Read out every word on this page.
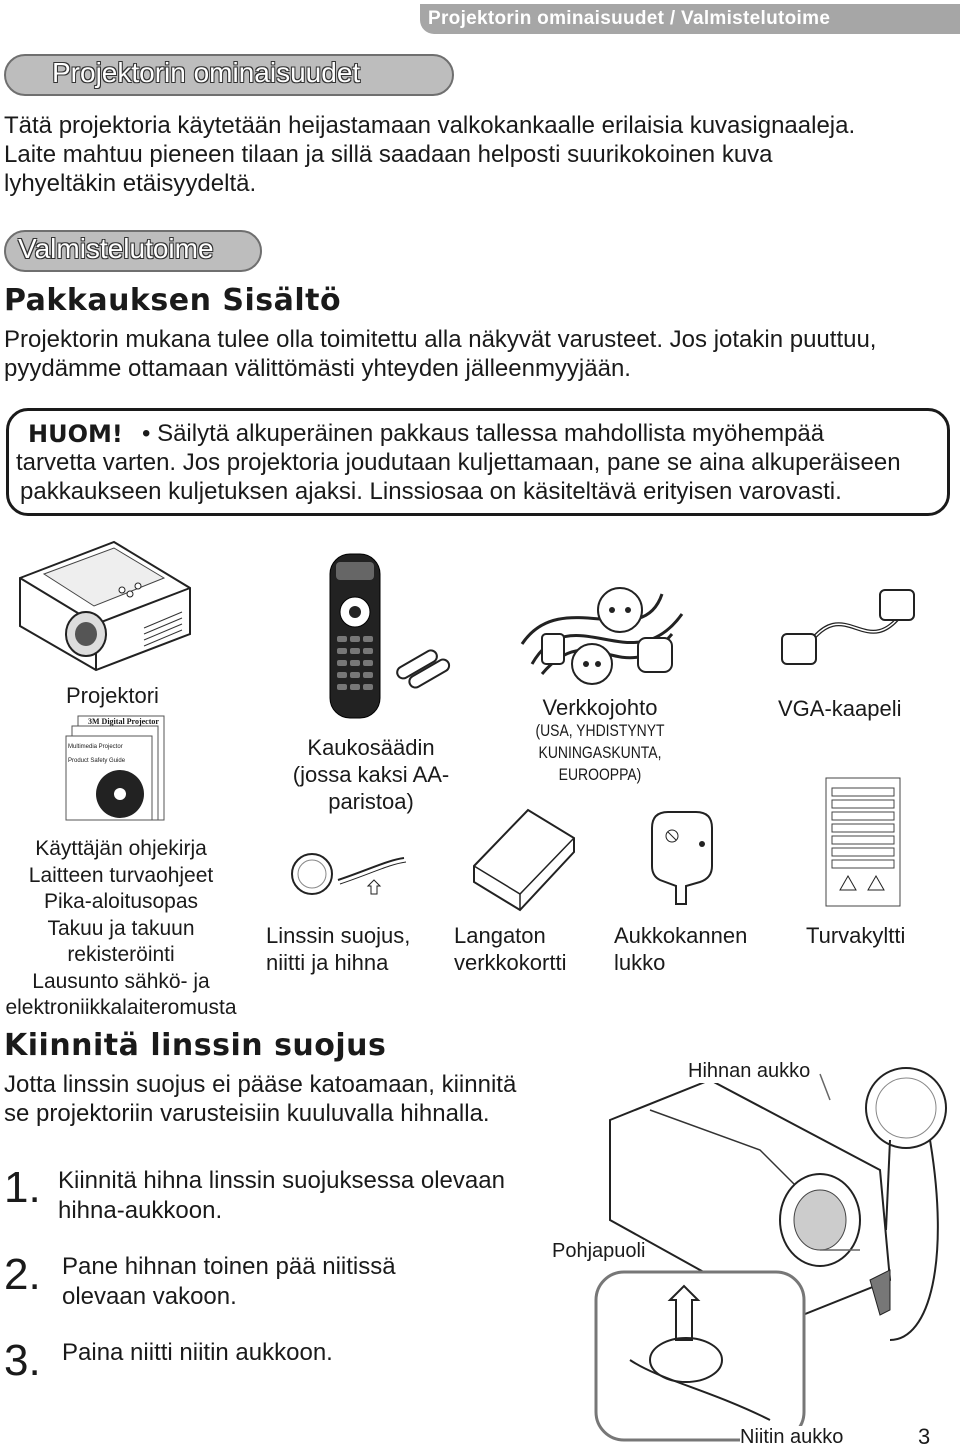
Projektorin ominaisuudet / Valmistelutoime
Projektorin ominaisuudet
Tätä projektoria käytetään heijastamaan valkokankaalle erilaisia kuvasignaaleja.
Laite mahtuu pieneen tilaan ja sillä saadaan helposti suurikokoinen kuva
lyhyeltäkin etäisyydeltä.
Valmistelutoime
Pakkauksen Sisältö
Projektorin mukana tulee olla toimitettu alla näkyvät varusteet. Jos jotakin puuttuu,
pyydämme ottamaan välittömästi yhteyden jälleenmyyjään.
HUOM! • Säilytä alkuperäinen pakkaus tallessa mahdollista myöhempää
tarvetta varten. Jos projektoria joudutaan kuljettamaan, pane se aina alkuperäiseen
pakkaukseen kuljetuksen ajaksi. Linssiosaa on käsiteltävä erityisen varovasti.
Projektori
Kaukosäädin
(jossa kaksi AA-
paristoa)
Verkkojohto
(USA, YHDISTYNYT
KUNINGASKUNTA, EUROOPPA)
VGA-kaapeli
3M Digital Projector
Multimedia Projector
Product Safety Guide
Käyttäjän ohjekirja
Laitteen turvaohjeet
Pika-aloitusopas
Takuu ja takuun
rekisteröinti
Lausunto sähkö- ja
elektroniikkalaiteromusta
Linssin suojus,
niitti ja hihna
Langaton
verkkokortti
Aukkokannen
lukko
Turvakyltti
Kiinnitä linssin suojus
Jotta linssin suojus ei pääse katoamaan, kiinnitä
se projektoriin varusteisiin kuuluvalla hihnalla.
1. Kiinnitä hihna linssin suojuksessa olevaan
hihna-aukkoon.
2. Pane hihnan toinen pää niitissä
olevaan vakoon.
3. Paina niitti niitin aukkoon.
Hihnan aukko
Pohjapuoli
Niitin aukko	3
